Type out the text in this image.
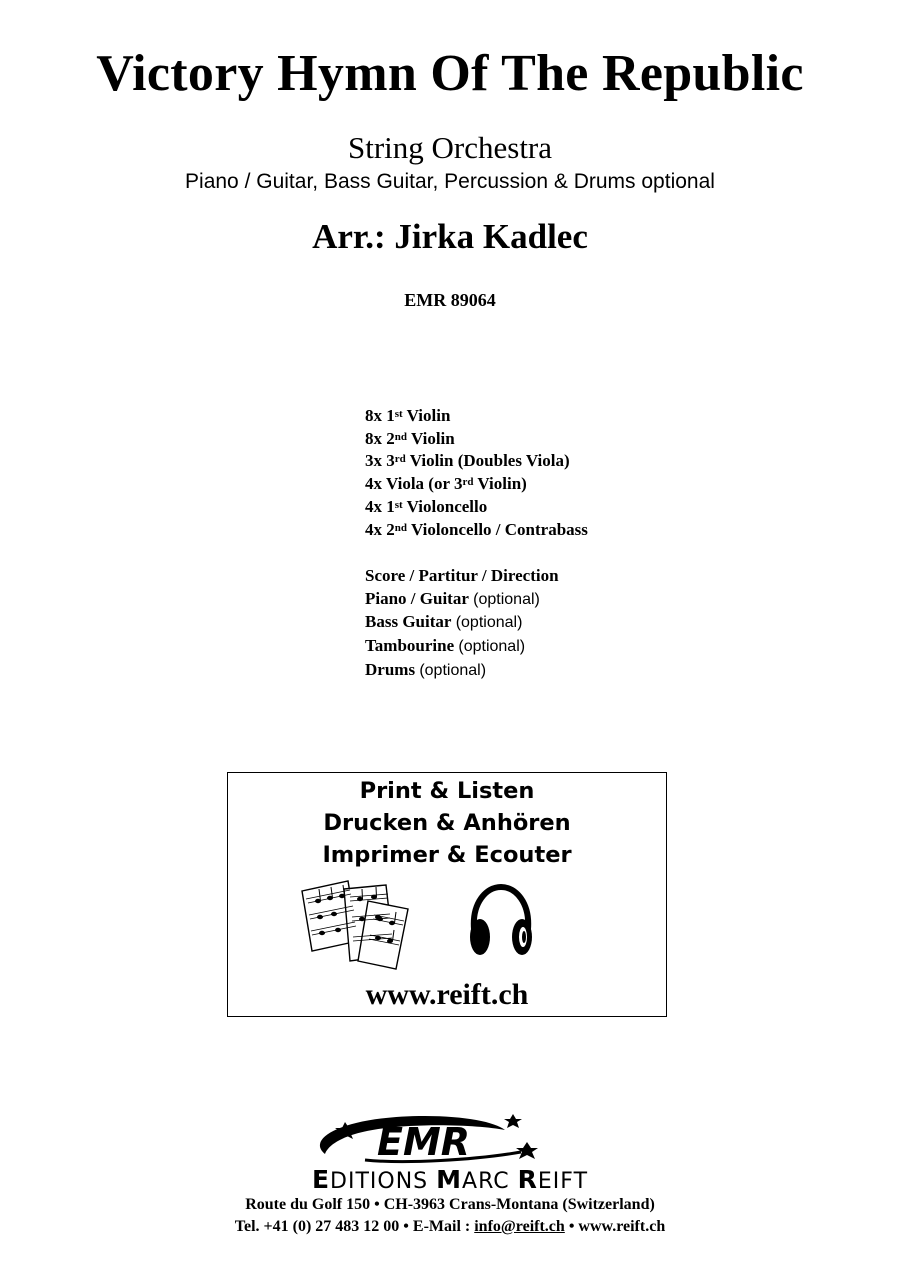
Victory Hymn Of The Republic
String Orchestra
Piano / Guitar, Bass Guitar, Percussion & Drums optional
Arr.: Jirka Kadlec
EMR 89064
8x 1st Violin
8x 2nd Violin
3x 3rd Violin (Doubles Viola)
4x Viola (or 3rd Violin)
4x 1st Violoncello
4x 2nd Violoncello / Contrabass
Score / Partitur / Direction
Piano / Guitar (optional)
Bass Guitar (optional)
Tambourine (optional)
Drums (optional)
Print & Listen
Drucken & Anhören
Imprimer & Ecouter
www.reift.ch
EMR
EDITIONS MARC REIFT
Route du Golf 150 • CH-3963 Crans-Montana (Switzerland)
Tel. +41 (0) 27 483 12 00 • E-Mail : info@reift.ch • www.reift.ch
